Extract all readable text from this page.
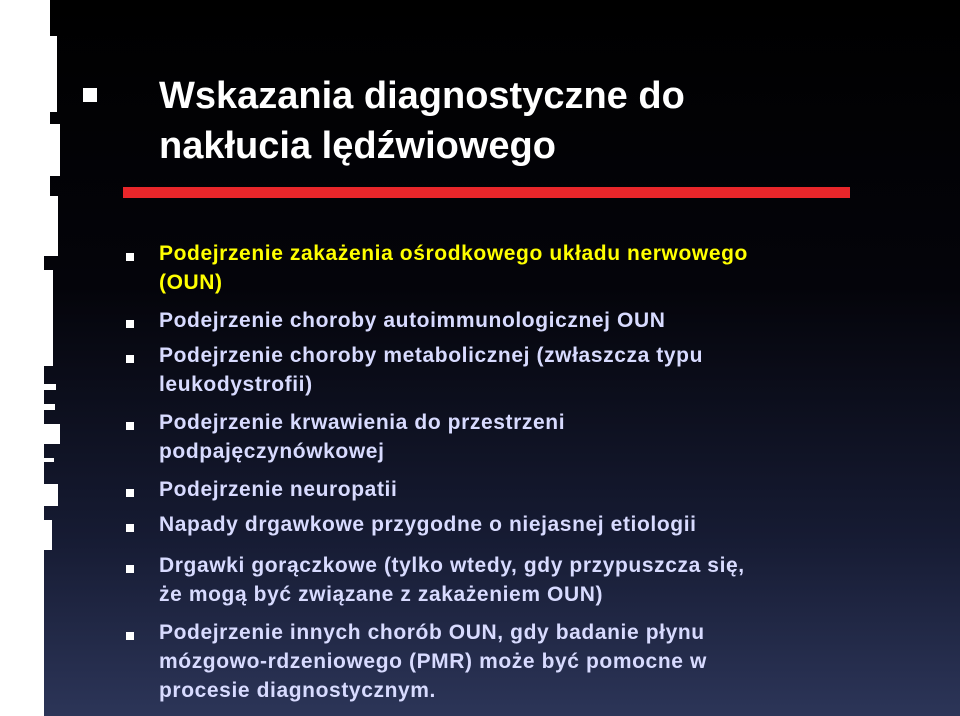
Wskazania diagnostyczne do
nakłucia lędźwiowego
Podejrzenie zakażenia ośrodkowego układu nerwowego
(OUN)
Podejrzenie choroby autoimmunologicznej OUN
Podejrzenie choroby metabolicznej (zwłaszcza typu
leukodystrofii)
Podejrzenie krwawienia do przestrzeni
podpajęczynówkowej
Podejrzenie neuropatii
Napady drgawkowe przygodne o niejasnej etiologii
Drgawki gorączkowe (tylko wtedy, gdy przypuszcza się,
że mogą być związane z zakażeniem OUN)
Podejrzenie innych chorób OUN, gdy badanie płynu
mózgowo-rdzeniowego (PMR) może być pomocne w
procesie diagnostycznym.
